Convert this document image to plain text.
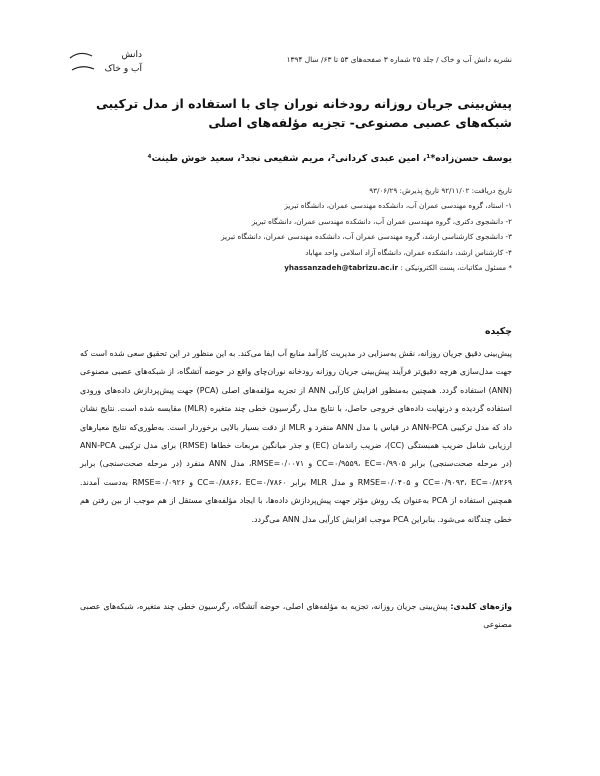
دانش
آب و خاک
نشریه دانش آب و خاک / جلد ۲۵ شماره ۳ صفحه‌های ۵۳ تا ۶۳/ سال ۱۳۹۴
پیش‌بینی جریان روزانه رودخانه نوران چای با استفاده از مدل ترکیبی شبکه‌های عصبی مصنوعی- تجزیه مؤلفه‌های اصلی
یوسف حسن‌زاده*¹، امین عبدی کردانی²، مریم شفیعی نجد³، سعید خوش طینت⁴
تاریخ دریافت: ۹۲/۱۱/۰۲ تاریخ پذیرش: ۹۳/۰۶/۲۹
۱- استاد، گروه مهندسی عمران آب، دانشکده مهندسی عمران، دانشگاه تبریز
۲- دانشجوی دکتری، گروه مهندسی عمران آب، دانشکده مهندسی عمران، دانشگاه تبریز
۳- دانشجوی کارشناسی ارشد، گروه مهندسی عمران آب، دانشکده مهندسی عمران، دانشگاه تبریز
۴- کارشناس ارشد، دانشکده عمران، دانشگاه آزاد اسلامی واحد مهاباد
* مسئول مکاتبات، پست الکترونیکی : yhassanzadeh@tabrizu.ac.ir
چکیده
پیش‌بینی دقیق جریان روزانه، نقش به‌سزایی در مدیریت کارآمد منابع آب ایفا می‌کند. به این منظور در این تحقیق سعی شده است که جهت مدل‌سازی هرچه دقیق‌تر فرآیند پیش‌بینی جریان روزانه رودخانه نوران‌چای واقع در حوضه آتشگاه، از شبکه‌های عصبی مصنوعی (ANN) استفاده گردد. همچنین به‌منظور افزایش کارآیی ANN از تجزیه مؤلفه‌های اصلی (PCA) جهت پیش‌پردازش داده‌های ورودی استفاده گردیده و درنهایت داده‌های خروجی حاصل، با نتایج مدل رگرسیون خطی چند متغیره (MLR) مقایسه شده است. نتایج نشان داد که مدل ترکیبی ANN-PCA در قیاس با مدل ANN منفرد و MLR از دقت بسیار بالایی برخوردار است. به‌طوری‌که نتایج معیارهای ارزیابی شامل ضریب همبستگی (CC)، ضریب راندمان (EC) و جذر میانگین مربعات خطاها (RMSE) برای مدل ترکیبی ANN-PCA (در مرحله صحت‌سنجی) برابر CC=۰/۹۵۵۹، EC=۰/۹۹۰۵ و RMSE=۰/۰۰۷۱، مدل ANN منفرد (در مرحله صحت‌سنجی) برابر CC=۰/۹۰۹۳، EC=۰/۸۲۶۹ و RMSE=۰/۰۴۰۵ و مدل MLR برابر CC=۰/۸۸۶۶، EC=۰/۷۸۶۰ و RMSE=۰/۰۹۲۶ به‌دست آمدند. همچنین استفاده از PCA به‌عنوان یک روش مؤثر جهت پیش‌پردازش داده‌ها، با ایجاد مؤلفه‌های مستقل از هم موجب از بین رفتن هم خطی چندگانه می‌شود. بنابراین PCA موجب افزایش کارآیی مدل ANN می‌گردد.
واژه‌های کلیدی: پیش‌بینی جریان روزانه، تجزیه به مؤلفه‌های اصلی، حوضه آتشگاه، رگرسیون خطی چند متغیره، شبکه‌های عصبی مصنوعی
